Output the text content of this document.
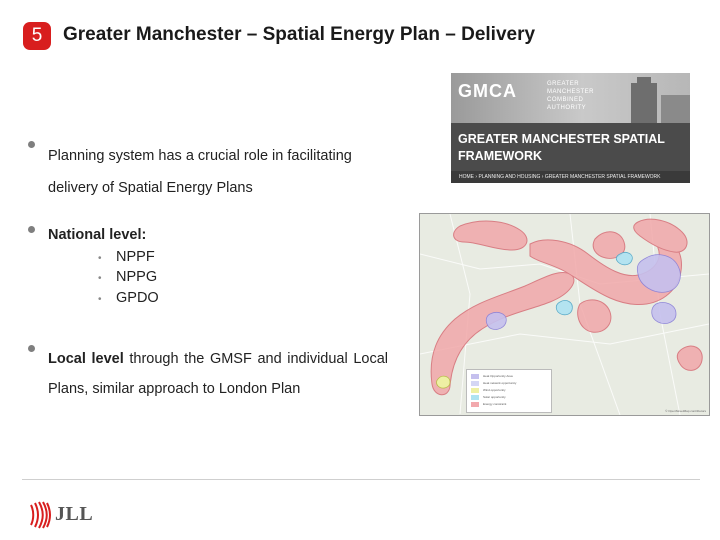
5	Greater Manchester – Spatial Energy Plan – Delivery
Planning system has a crucial role in facilitating delivery of Spatial Energy Plans
National level:
• NPPF
• NPPG
• GPDO
Local level through the GMSF and individual Local Plans, similar approach to London Plan
GMCA	GREATER
MANCHESTER
COMBINED
AUTHORITY
GREATER MANCHESTER SPATIAL
FRAMEWORK
HOME › PLANNING AND HOUSING › GREATER MANCHESTER SPATIAL FRAMEWORK
Heat Opportunity Area
Heat network opportunity
Wind opportunity
Solar opportunity
Energy constraint
© OpenStreetMap contributors
JLL
